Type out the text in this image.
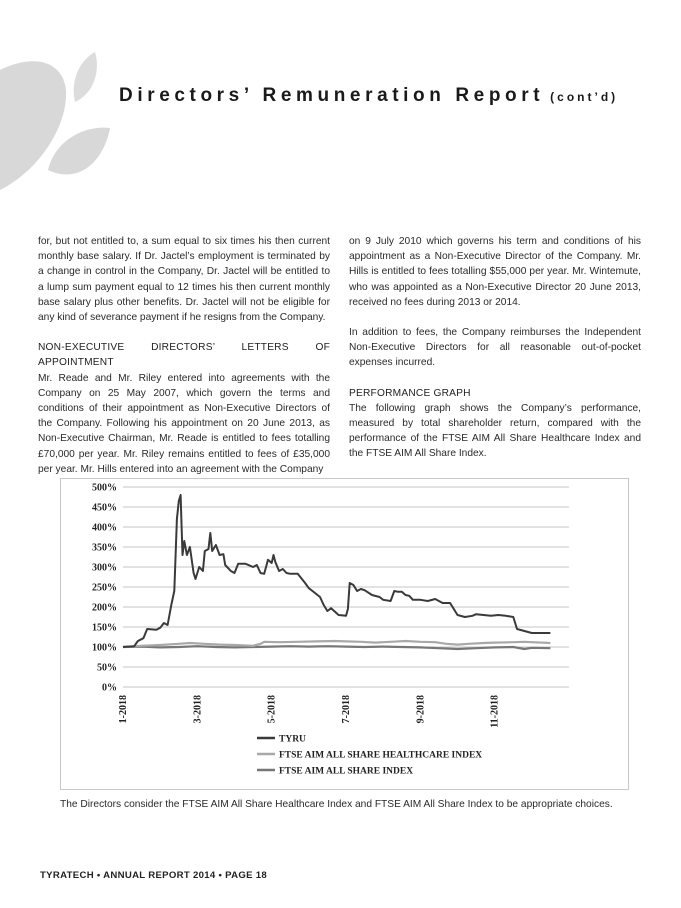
Directors’ Remuneration Report (cont’d)

for, but not entitled to, a sum equal to six times his then current monthly base salary. If Dr. Jactel’s employment is terminated by a change in control in the Company, Dr. Jactel will be entitled to a lump sum payment equal to 12 times his then current monthly base salary plus other benefits. Dr. Jactel will not be eligible for any kind of severance payment if he resigns from the Company.

NON-EXECUTIVE DIRECTORS’ LETTERS OF APPOINTMENT

Mr. Reade and Mr. Riley entered into agreements with the Company on 25 May 2007, which govern the terms and conditions of their appointment as Non-Executive Directors of the Company. Following his appointment on 20 June 2013, as Non-Executive Chairman, Mr. Reade is entitled to fees totalling £70,000 per year. Mr. Riley remains entitled to fees of £35,000 per year. Mr. Hills entered into an agreement with the Company

on 9 July 2010 which governs his term and conditions of his appointment as a Non-Executive Director of the Company. Mr. Hills is entitled to fees totalling $55,000 per year. Mr. Wintemute, who was appointed as a Non-Executive Director 20 June 2013, received no fees during 2013 or 2014.

In addition to fees, the Company reimburses the Independent Non-Executive Directors for all reasonable out-of-pocket expenses incurred.

PERFORMANCE GRAPH

The following graph shows the Company’s performance, measured by total shareholder return, compared with the performance of the FTSE AIM All Share Healthcare Index and the FTSE AIM All Share Index.

500%
450%
400%
350%
300%
250%
200%
150%
100%
50%
0%
1-2018	3-2018	5-2018	7-2018	9-2018	11-2018
TYRU
FTSE AIM ALL SHARE HEALTHCARE INDEX
FTSE AIM ALL SHARE INDEX
The Directors consider the FTSE AIM All Share Healthcare Index and FTSE AIM All Share Index to be appropriate choices.
TYRATECH • ANNUAL REPORT 2014 • PAGE 18
